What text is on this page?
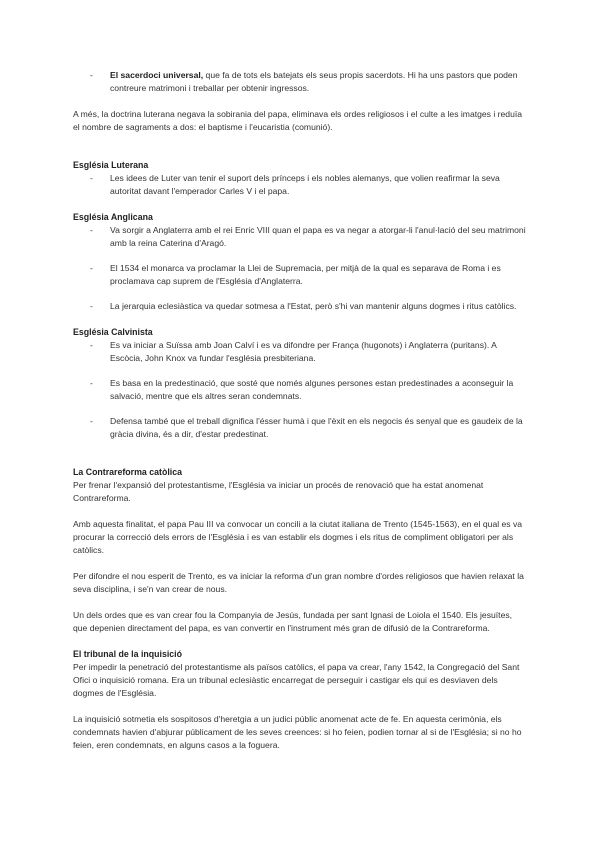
- El sacerdoci universal, que fa de tots els batejats els seus propis sacerdots. Hi ha uns pastors que poden contreure matrimoni i treballar per obtenir ingressos.

A més, la doctrina luterana negava la sobirania del papa, eliminava els ordes religiosos i el culte a les imatges i reduïa el nombre de sagraments a dos: el baptisme i l'eucaristia (comunió).

Església Luterana
- Les idees de Luter van tenir el suport dels prínceps i els nobles alemanys, que volien reafirmar la seva autoritat davant l'emperador Carles V i el papa.
Església Anglicana
- Va sorgir a Anglaterra amb el rei Enric VIII quan el papa es va negar a atorgar-li l'anul·lació del seu matrimoni amb la reina Caterina d'Aragó.
- El 1534 el monarca va proclamar la Llei de Supremacia, per mitjà de la qual es separava de Roma i es proclamava cap suprem de l'Església d'Anglaterra.
- La jerarquia eclesiàstica va quedar sotmesa a l'Estat, però s'hi van mantenir alguns dogmes i ritus catòlics.
Església Calvinista
- Es va iniciar a Suïssa amb Joan Calví i es va difondre per França (hugonots) i Anglaterra (puritans). A Escòcia, John Knox va fundar l'església presbiteriana.
- Es basa en la predestinació, que sosté que només algunes persones estan predestinades a aconseguir la salvació, mentre que els altres seran condemnats.
- Defensa també que el treball dignifica l'ésser humà i que l'èxit en els negocis és senyal que es gaudeix de la gràcia divina, és a dir, d'estar predestinat.
La Contrareforma catòlica

Per frenar l'expansió del protestantisme, l'Església va iniciar un procés de renovació que ha estat anomenat Contrareforma.

Amb aquesta finalitat, el papa Pau III va convocar un concili a la ciutat italiana de Trento (1545-1563), en el qual es va procurar la correcció dels errors de l'Església i es van establir els dogmes i els ritus de compliment obligatori per als catòlics.

Per difondre el nou esperit de Trento, es va iniciar la reforma d'un gran nombre d'ordes religiosos que havien relaxat la seva disciplina, i se'n van crear de nous.

Un dels ordes que es van crear fou la Companyia de Jesús, fundada per sant Ignasi de Loiola el 1540. Els jesuïtes, que depenien directament del papa, es van convertir en l'instrument més gran de difusió de la Contrareforma.

El tribunal de la inquisició

Per impedir la penetració del protestantisme als països catòlics, el papa va crear, l'any 1542, la Congregació del Sant Ofici o inquisició romana. Era un tribunal eclesiàstic encarregat de perseguir i castigar els qui es desviaven dels dogmes de l'Església.

La inquisició sotmetia els sospitosos d'heretgia a un judici públic anomenat acte de fe. En aquesta cerimònia, els condemnats havien d'abjurar públicament de les seves creences: si ho feien, podien tornar al si de l'Església; si no ho feien, eren condemnats, en alguns casos a la foguera.
